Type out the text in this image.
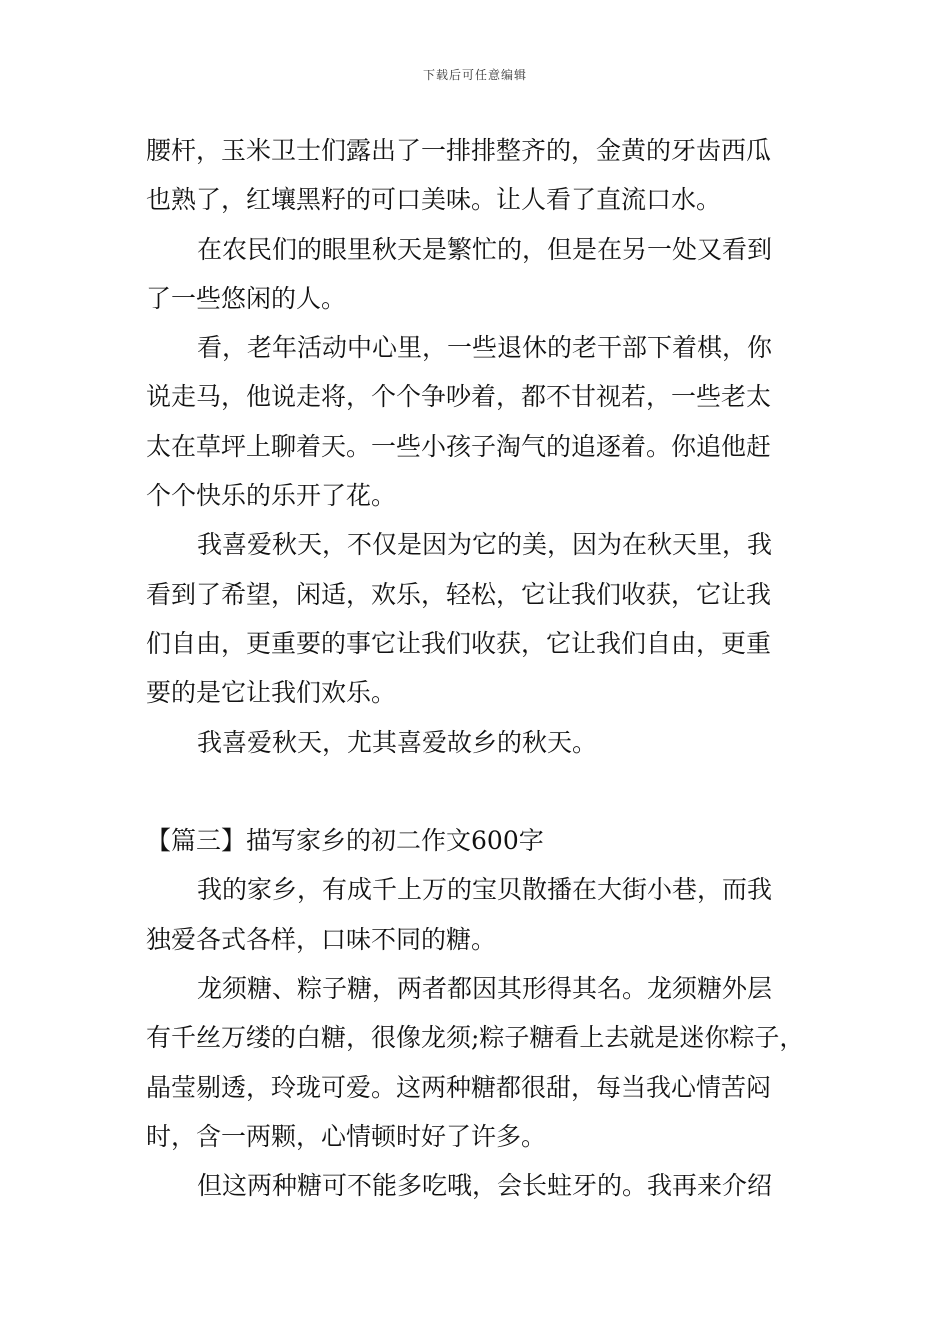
下载后可任意编辑
腰杆，玉米卫士们露出了一排排整齐的，金黄的牙齿西瓜
也熟了，红壤黑籽的可口美味。让人看了直流口水。
在农民们的眼里秋天是繁忙的，但是在另一处又看到
了一些悠闲的人。
看，老年活动中心里，一些退休的老干部下着棋，你
说走马，他说走将，个个争吵着，都不甘视若，一些老太
太在草坪上聊着天。一些小孩子淘气的追逐着。你追他赶
个个快乐的乐开了花。
我喜爱秋天，不仅是因为它的美，因为在秋天里，我
看到了希望，闲适，欢乐，轻松，它让我们收获，它让我
们自由，更重要的事它让我们收获，它让我们自由，更重
要的是它让我们欢乐。
我喜爱秋天，尤其喜爱故乡的秋天。
【篇三】描写家乡的初二作文600字
我的家乡，有成千上万的宝贝散播在大街小巷，而我
独爱各式各样，口味不同的糖。
龙须糖、粽子糖，两者都因其形得其名。龙须糖外层
有千丝万缕的白糖，很像龙须;粽子糖看上去就是迷你粽子，
晶莹剔透，玲珑可爱。这两种糖都很甜，每当我心情苦闷
时，含一两颗，心情顿时好了许多。
但这两种糖可不能多吃哦，会长蛀牙的。我再来介绍
